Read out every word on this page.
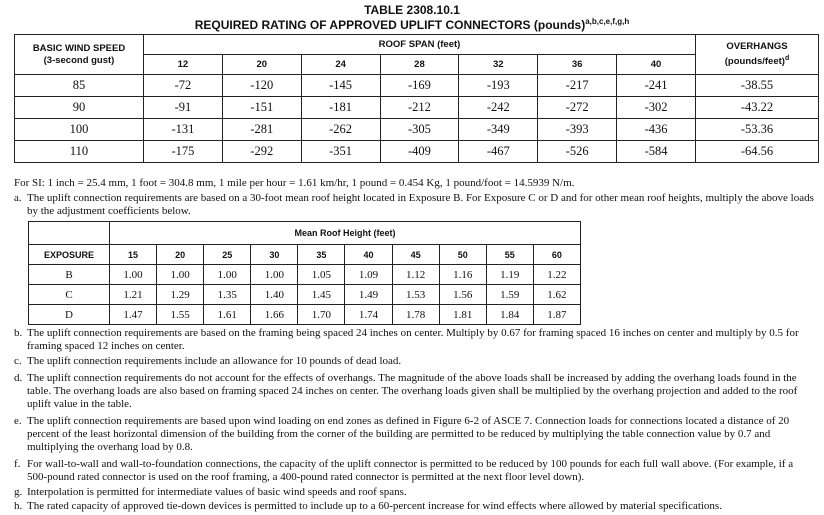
TABLE 2308.10.1
REQUIRED RATING OF APPROVED UPLIFT CONNECTORS (pounds)$^{a,b,c,e,f,g,h}$
BASIC WIND SPEED
(3-second gust)	ROOF SPAN (feet)							OVERHANGS
(pounds/feet)$^d$
	12	20	24	28	32	36	40	
85	-72	-120	-145	-169	-193	-217	-241	-38.55
90	-91	-151	-181	-212	-242	-272	-302	-43.22
100	-131	-281	-262	-305	-349	-393	-436	-53.36
110	-175	-292	-351	-409	-467	-526	-584	-64.56
For SI: 1 inch = 25.4 mm, 1 foot = 304.8 mm, 1 mile per hour = 1.61 km/hr, 1 pound = 0.454 Kg, 1 pound/foot = 14.5939 N/m.
a. The uplift connection requirements are based on a 30-foot mean roof height located in Exposure B. For Exposure C or D and for other mean roof heights, multiply the above loads by the adjustment coefficients below.
	Mean Roof Height (feet)									
EXPOSURE	15	20	25	30	35	40	45	50	55	60
B	1.00	1.00	1.00	1.00	1.05	1.09	1.12	1.16	1.19	1.22
C	1.21	1.29	1.35	1.40	1.45	1.49	1.53	1.56	1.59	1.62
D	1.47	1.55	1.61	1.66	1.70	1.74	1.78	1.81	1.84	1.87
b. The uplift connection requirements are based on the framing being spaced 24 inches on center. Multiply by 0.67 for framing spaced 16 inches on center and multiply by 0.5 for framing spaced 12 inches on center.
c. The uplift connection requirements include an allowance for 10 pounds of dead load.
d. The uplift connection requirements do not account for the effects of overhangs. The magnitude of the above loads shall be increased by adding the overhang loads found in the table. The overhang loads are also based on framing spaced 24 inches on center. The overhang loads given shall be multiplied by the overhang projection and added to the roof uplift value in the table.
e. The uplift connection requirements are based upon wind loading on end zones as defined in Figure 6-2 of ASCE 7. Connection loads for connections located a distance of 20 percent of the least horizontal dimension of the building from the corner of the building are permitted to be reduced by multiplying the table connection value by 0.7 and multiplying the overhang load by 0.8.
f. For wall-to-wall and wall-to-foundation connections, the capacity of the uplift connector is permitted to be reduced by 100 pounds for each full wall above. (For example, if a 500-pound rated connector is used on the roof framing, a 400-pound rated connector is permitted at the next floor level down).
g. Interpolation is permitted for intermediate values of basic wind speeds and roof spans.
h. The rated capacity of approved tie-down devices is permitted to include up to a 60-percent increase for wind effects where allowed by material specifications.
